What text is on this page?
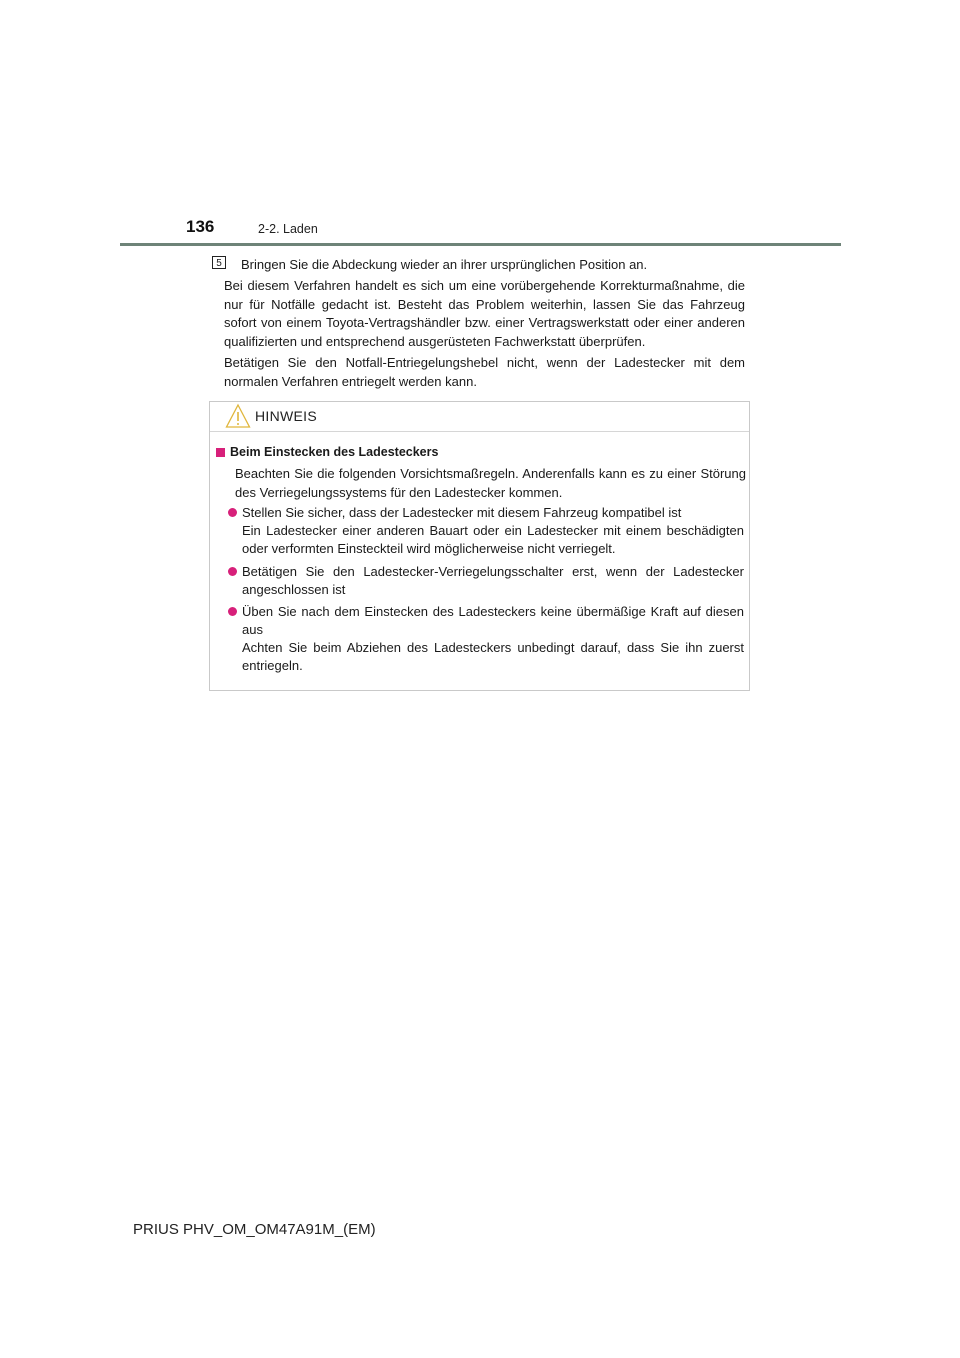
136	2-2. Laden
5	Bringen Sie die Abdeckung wieder an ihrer ursprünglichen Position an.
Bei diesem Verfahren handelt es sich um eine vorübergehende Korrekturmaßnahme, die nur für Notfälle gedacht ist. Besteht das Problem weiterhin, lassen Sie das Fahrzeug sofort von einem Toyota-Vertragshändler bzw. einer Vertragswerkstatt oder einer anderen qualifizierten und entsprechend ausgerüsteten Fachwerkstatt überprüfen.
Betätigen Sie den Notfall-Entriegelungshebel nicht, wenn der Ladestecker mit dem normalen Verfahren entriegelt werden kann.
HINWEIS
Beim Einstecken des Ladesteckers
Beachten Sie die folgenden Vorsichtsmaßregeln. Anderenfalls kann es zu einer Störung des Verriegelungssystems für den Ladestecker kommen.
Stellen Sie sicher, dass der Ladestecker mit diesem Fahrzeug kompatibel ist
Ein Ladestecker einer anderen Bauart oder ein Ladestecker mit einem beschädigten oder verformten Einsteckteil wird möglicherweise nicht verriegelt.
Betätigen Sie den Ladestecker-Verriegelungsschalter erst, wenn der Ladestecker angeschlossen ist
Üben Sie nach dem Einstecken des Ladesteckers keine übermäßige Kraft auf diesen aus
Achten Sie beim Abziehen des Ladesteckers unbedingt darauf, dass Sie ihn zuerst entriegeln.
PRIUS PHV_OM_OM47A91M_(EM)
